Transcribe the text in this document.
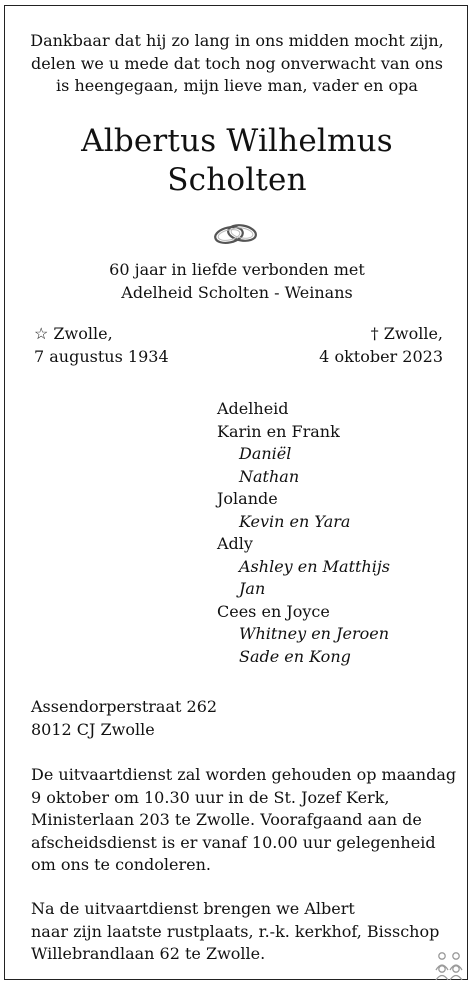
Dankbaar dat hij zo lang in ons midden mocht zijn,
delen we u mede dat toch nog onverwacht van ons
is heengegaan, mijn lieve man, vader en opa
Albertus Wilhelmus
Scholten
60 jaar in liefde verbonden met
Adelheid Scholten - Weinans
☆ Zwolle,
7 augustus 1934
† Zwolle,
4 oktober 2023

Adelheid

Karin en Frank

Daniël

Nathan

Jolande

Kevin en Yara

Adly

Ashley en Matthijs

Jan

Cees en Joyce

Whitney en Jeroen

Sade en Kong

Assendorperstraat 262
8012 CJ Zwolle
De uitvaartdienst zal worden gehouden op maandag
9 oktober om 10.30 uur in de St. Jozef Kerk,
Ministerlaan 203 te Zwolle. Voorafgaand aan de
afscheidsdienst is er vanaf 10.00 uur gelegenheid
om ons te condoleren.
Na de uitvaartdienst brengen we Albert
naar zijn laatste rustplaats, r.-k. kerkhof, Bisschop
Willebrandlaan 62 te Zwolle.
